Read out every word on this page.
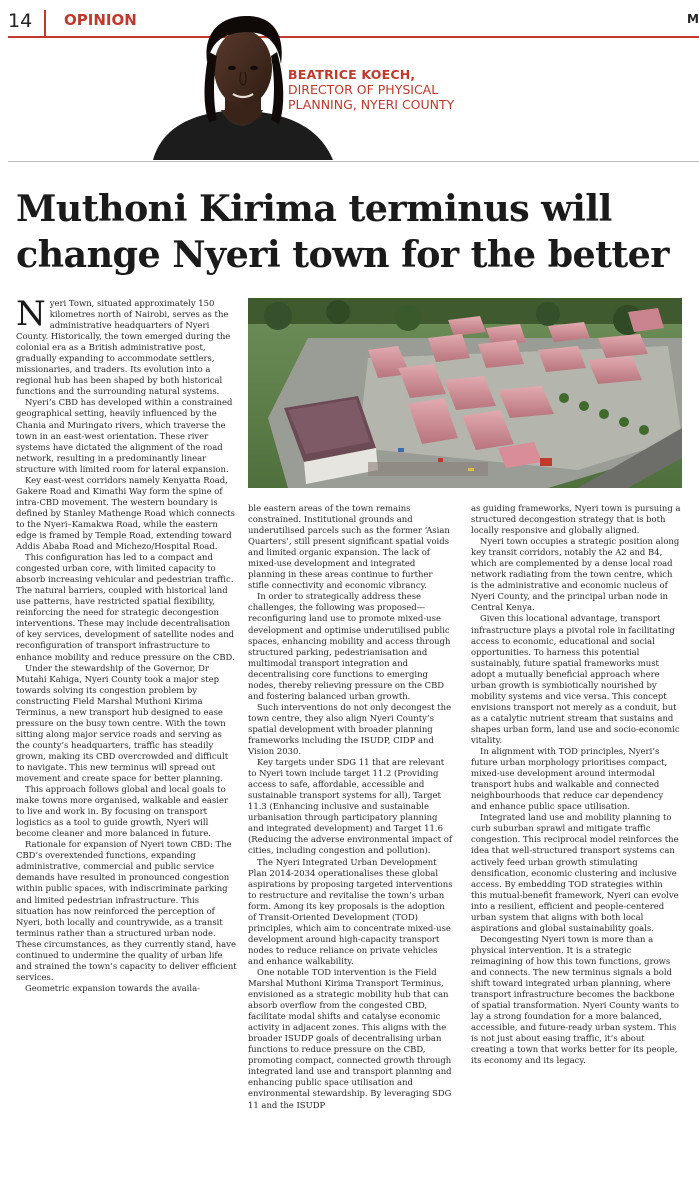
14 OPINION	M
BEATRICE KOECH,
DIRECTOR OF PHYSICAL
PLANNING, NYERI COUNTY
Muthoni Kirima terminus will
change Nyeri town for the better

Nyeri Town, situated approximately 150 kilometres north of Nairobi, serves as the administrative headquarters of Nyeri County. Historically, the town emerged during the colonial era as a British administrative post, gradually expanding to accommodate settlers, missionaries, and traders. Its evolution into a regional hub has been shaped by both historical functions and the surrounding natural systems.

Nyeri’s CBD has developed within a constrained geographical setting, heavily influenced by the Chania and Muringato rivers, which traverse the town in an east-west orientation. These river systems have dictated the alignment of the road network, resulting in a predominantly linear structure with limited room for lateral expansion.

Key east-west corridors namely Kenyatta Road, Gakere Road and Kimathi Way form the spine of intra-CBD movement. The western boundary is defined by Stanley Mathenge Road which connects to the Nyeri–Kamakwa Road, while the eastern edge is framed by Temple Road, extending toward Addis Ababa Road and Michezo/Hospital Road.

This configuration has led to a compact and congested urban core, with limited capacity to absorb increasing vehicular and pedestrian traffic. The natural barriers, coupled with historical land use patterns, have restricted spatial flexibility, reinforcing the need for strategic decongestion interventions. These may include decentralisation of key services, development of satellite nodes and reconfiguration of transport infrastructure to enhance mobility and reduce pressure on the CBD.

Under the stewardship of the Governor, Dr Mutahi Kahiga, Nyeri County took a major step towards solving its congestion problem by constructing Field Marshal Muthoni Kirima Terminus, a new transport hub designed to ease pressure on the busy town centre. With the town sitting along major service roads and serving as the county’s headquarters, traffic has steadily grown, making its CBD overcrowded and difficult to navigate. This new terminus will spread out movement and create space for better planning.

This approach follows global and local goals to make towns more organised, walkable and easier to live and work in. By focusing on transport logistics as a tool to guide growth, Nyeri will become cleaner and more balanced in future.

Rationale for expansion of Nyeri town CBD: The CBD’s overextended functions, expanding administrative, commercial and public service demands have resulted in pronounced congestion within public spaces, with indiscriminate parking and limited pedestrian infrastructure. This situation has now reinforced the perception of Nyeri, both locally and countrywide, as a transit terminus rather than a structured urban node. These circumstances, as they currently stand, have continued to undermine the quality of urban life and strained the town’s capacity to deliver efficient services.

Geometric expansion towards the availa-

ble eastern areas of the town remains constrained. Institutional grounds and underutilised parcels such as the former ‘Asian Quarters’, still present significant spatial voids and limited organic expansion. The lack of mixed-use development and integrated planning in these areas continue to further stifle connectivity and economic vibrancy.

In order to strategically address these challenges, the following was proposed—reconfiguring land use to promote mixed-use development and optimise underutilised public spaces, enhancing mobility and access through structured parking, pedestrianisation and multimodal transport integration and decentralising core functions to emerging nodes, thereby relieving pressure on the CBD and fostering balanced urban growth.

Such interventions do not only decongest the town centre, they also align Nyeri County’s spatial development with broader planning frameworks including the ISUDP, CIDP and Vision 2030.

Key targets under SDG 11 that are relevant to Nyeri town include target 11.2 (Providing access to safe, affordable, accessible and sustainable transport systems for all), Target 11.3 (Enhancing inclusive and sustainable urbanisation through participatory planning and integrated development) and Target 11.6 (Reducing the adverse environmental impact of cities, including congestion and pollution).

The Nyeri Integrated Urban Development Plan 2014-2034 operationalises these global aspirations by proposing targeted interventions to restructure and revitalise the town’s urban form. Among its key proposals is the adoption of Transit-Oriented Development (TOD) principles, which aim to concentrate mixed-use development around high-capacity transport nodes to reduce reliance on private vehicles and enhance walkability.

One notable TOD intervention is the Field Marshal Muthoni Kirima Transport Terminus, envisioned as a strategic mobility hub that can absorb overflow from the congested CBD, facilitate modal shifts and catalyse economic activity in adjacent zones. This aligns with the broader ISUDP goals of decentralising urban functions to reduce pressure on the CBD, promoting compact, connected growth through integrated land use and transport planning and enhancing public space utilisation and environmental stewardship. By leveraging SDG 11 and the ISUDP

as guiding frameworks, Nyeri town is pursuing a structured decongestion strategy that is both locally responsive and globally aligned.

Nyeri town occupies a strategic position along key transit corridors, notably the A2 and B4, which are complemented by a dense local road network radiating from the town centre, which is the administrative and economic nucleus of Nyeri County, and the principal urban node in Central Kenya.

Given this locational advantage, transport infrastructure plays a pivotal role in facilitating access to economic, educational and social opportunities. To harness this potential sustainably, future spatial frameworks must adopt a mutually beneficial approach where urban growth is symbiotically nourished by mobility systems and vice versa. This concept envisions transport not merely as a conduit, but as a catalytic nutrient stream that sustains and shapes urban form, land use and socio-economic vitality.

In alignment with TOD principles, Nyeri’s future urban morphology prioritises compact, mixed-use development around intermodal transport hubs and walkable and connected neighbourhoods that reduce car dependency and enhance public space utilisation.

Integrated land use and mobility planning to curb suburban sprawl and mitigate traffic congestion. This reciprocal model reinforces the idea that well-structured transport systems can actively feed urban growth stimulating densification, economic clustering and inclusive access. By embedding TOD strategies within this mutual-benefit framework, Nyeri can evolve into a resilient, efficient and people-centered urban system that aligns with both local aspirations and global sustainability goals.

Decongesting Nyeri town is more than a physical intervention. It is a strategic reimagining of how this town functions, grows and connects. The new terminus signals a bold shift toward integrated urban planning, where transport infrastructure becomes the backbone of spatial transformation. Nyeri County wants to lay a strong foundation for a more balanced, accessible, and future-ready urban system. This is not just about easing traffic, it’s about creating a town that works better for its people, its economy and its legacy.
